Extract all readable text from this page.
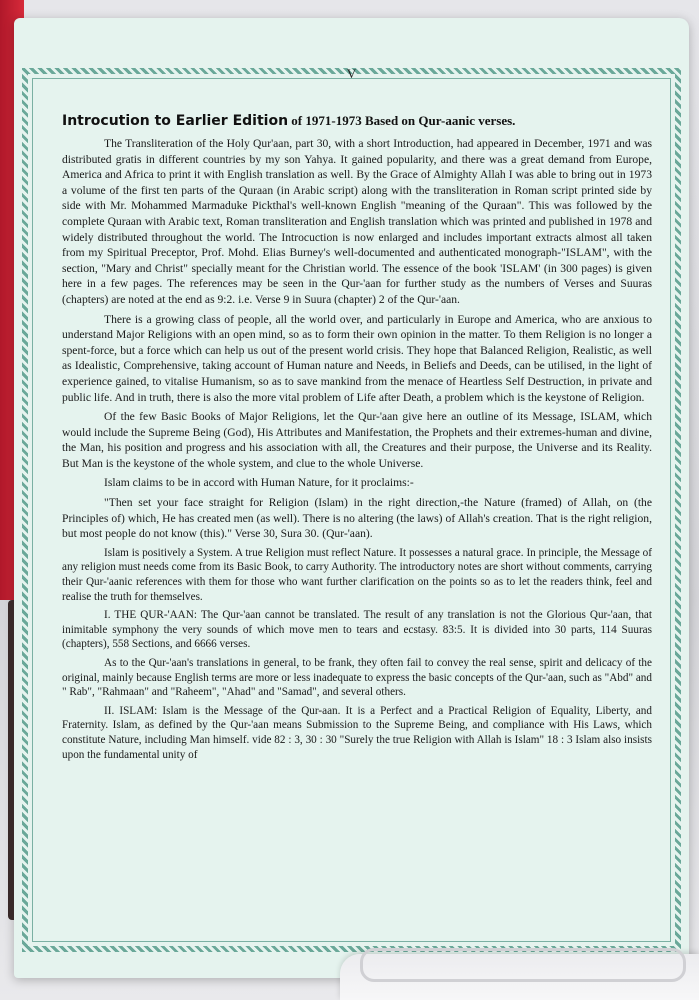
V
Introcution to Earlier Edition of 1971-1973 Based on Qur-aanic verses.

The Transliteration of the Holy Qur'aan, part 30, with a short Introduction, had appeared in December, 1971 and was distributed gratis in different countries by my son Yahya. It gained popularity, and there was a great demand from Europe, America and Africa to print it with English translation as well. By the Grace of Almighty Allah I was able to bring out in 1973 a volume of the first ten parts of the Quraan (in Arabic script) along with the transliteration in Roman script printed side by side with Mr. Mohammed Marmaduke Pickthal's well-known English "meaning of the Quraan". This was followed by the complete Quraan with Arabic text, Roman transliteration and English translation which was printed and published in 1978 and widely distributed throughout the world. The Introcuction is now enlarged and includes important extracts almost all taken from my Spiritual Preceptor, Prof. Mohd. Elias Burney's well-documented and authenticated monograph-"ISLAM", with the section, "Mary and Christ" specially meant for the Christian world. The essence of the book 'ISLAM' (in 300 pages) is given here in a few pages. The references may be seen in the Qur-'aan for further study as the numbers of Verses and Suuras (chapters) are noted at the end as 9:2. i.e. Verse 9 in Suura (chapter) 2 of the Qur-'aan.

There is a growing class of people, all the world over, and particularly in Europe and America, who are anxious to understand Major Religions with an open mind, so as to form their own opinion in the matter. To them Religion is no longer a spent-force, but a force which can help us out of the present world crisis. They hope that Balanced Religion, Realistic, as well as Idealistic, Comprehensive, taking account of Human nature and Needs, in Beliefs and Deeds, can be utilised, in the light of experience gained, to vitalise Humanism, so as to save mankind from the menace of Heartless Self Destruction, in private and public life. And in truth, there is also the more vital problem of Life after Death, a problem which is the keystone of Religion.

Of the few Basic Books of Major Religions, let the Qur-'aan give here an outline of its Message, ISLAM, which would include the Supreme Being (God), His Attributes and Manifestation, the Prophets and their extremes-human and divine, the Man, his position and progress and his association with all, the Creatures and their purpose, the Universe and its Reality. But Man is the keystone of the whole system, and clue to the whole Universe.

Islam claims to be in accord with Human Nature, for it proclaims:-

"Then set your face straight for Religion (Islam) in the right direction,-the Nature (framed) of Allah, on (the Principles of) which, He has created men (as well). There is no altering (the laws) of Allah's creation. That is the right religion, but most people do not know (this)." Verse 30, Sura 30. (Qur-'aan).

Islam is positively a System. A true Religion must reflect Nature. It possesses a natural grace. In principle, the Message of any religion must needs come from its Basic Book, to carry Authority. The introductory notes are short without comments, carrying their Qur-'aanic references with them for those who want further clarification on the points so as to let the readers think, feel and realise the truth for themselves.

I. THE QUR-'AAN: The Qur-'aan cannot be translated. The result of any translation is not the Glorious Qur-'aan, that inimitable symphony the very sounds of which move men to tears and ecstasy. 83:5. It is divided into 30 parts, 114 Suuras (chapters), 558 Sections, and 6666 verses.

As to the Qur-'aan's translations in general, to be frank, they often fail to convey the real sense, spirit and delicacy of the original, mainly because English terms are more or less inadequate to express the basic concepts of the Qur-'aan, such as "Abd" and " Rab", "Rahmaan" and "Raheem", "Ahad" and "Samad", and several others.

II. ISLAM: Islam is the Message of the Qur-aan. It is a Perfect and a Practical Religion of Equality, Liberty, and Fraternity. Islam, as defined by the Qur-'aan means Submission to the Supreme Being, and compliance with His Laws, which constitute Nature, including Man himself. vide 82 : 3, 30 : 30 "Surely the true Religion with Allah is Islam" 18 : 3 Islam also insists upon the fundamental unity of
